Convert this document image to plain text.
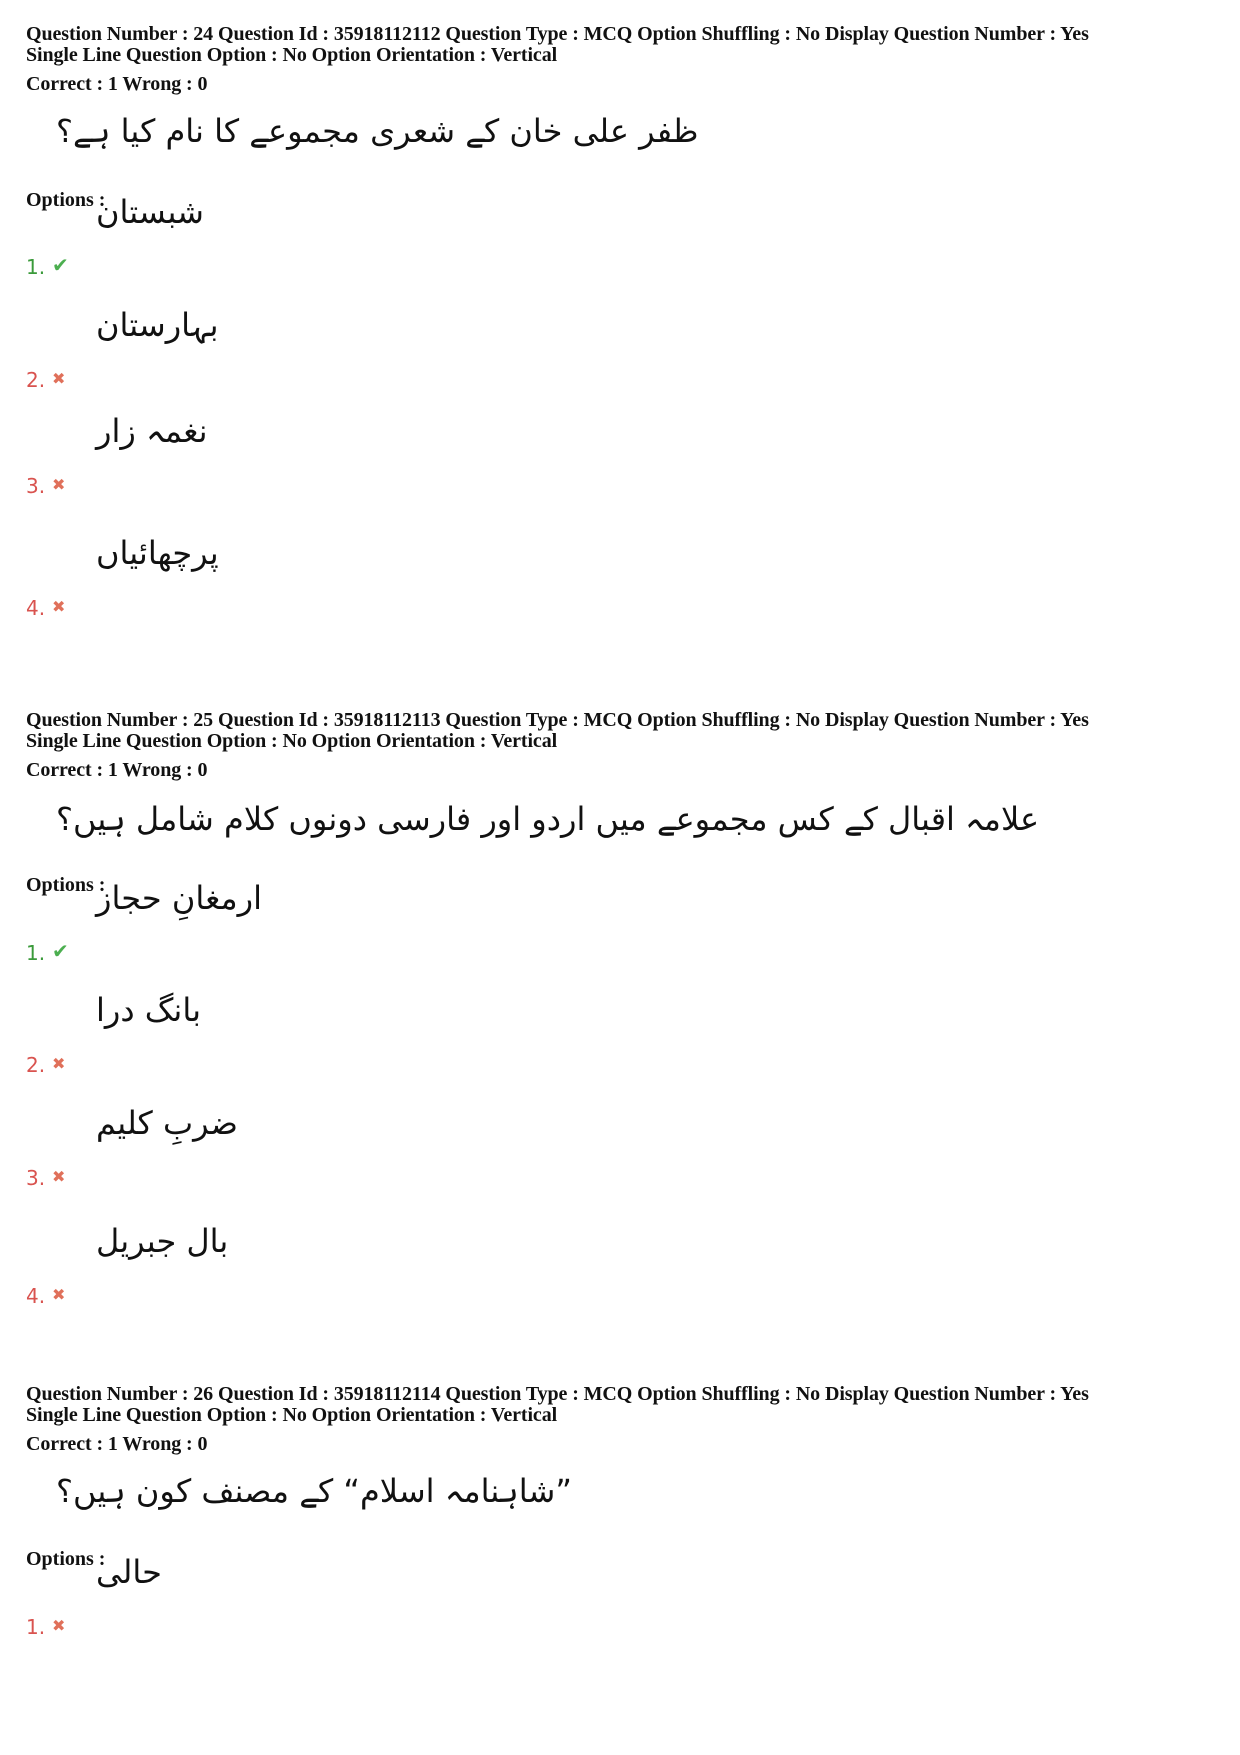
Question Number : 24 Question Id : 35918112112 Question Type : MCQ Option Shuffling : No Display Question Number : Yes
Single Line Question Option : No Option Orientation : Vertical
Correct : 1 Wrong : 0
ظفر علی خان کے شعری مجموعے کا نام کیا ہے؟
Options :
1. ✔
شبستان
2. ✖
بہارستان
3. ✖
نغمہ زار
4. ✖
پرچھائیاں
Question Number : 25 Question Id : 35918112113 Question Type : MCQ Option Shuffling : No Display Question Number : Yes
Single Line Question Option : No Option Orientation : Vertical
Correct : 1 Wrong : 0
علامہ اقبال کے کس مجموعے میں اردو اور فارسی دونوں کلام شامل ہیں؟
Options :
1. ✔
ارمغانِ حجاز
2. ✖
بانگ درا
3. ✖
ضربِ کلیم
4. ✖
بال جبریل
Question Number : 26 Question Id : 35918112114 Question Type : MCQ Option Shuffling : No Display Question Number : Yes
Single Line Question Option : No Option Orientation : Vertical
Correct : 1 Wrong : 0
”شاہنامہ اسلام“ کے مصنف کون ہیں؟
Options :
1. ✖
حالی
